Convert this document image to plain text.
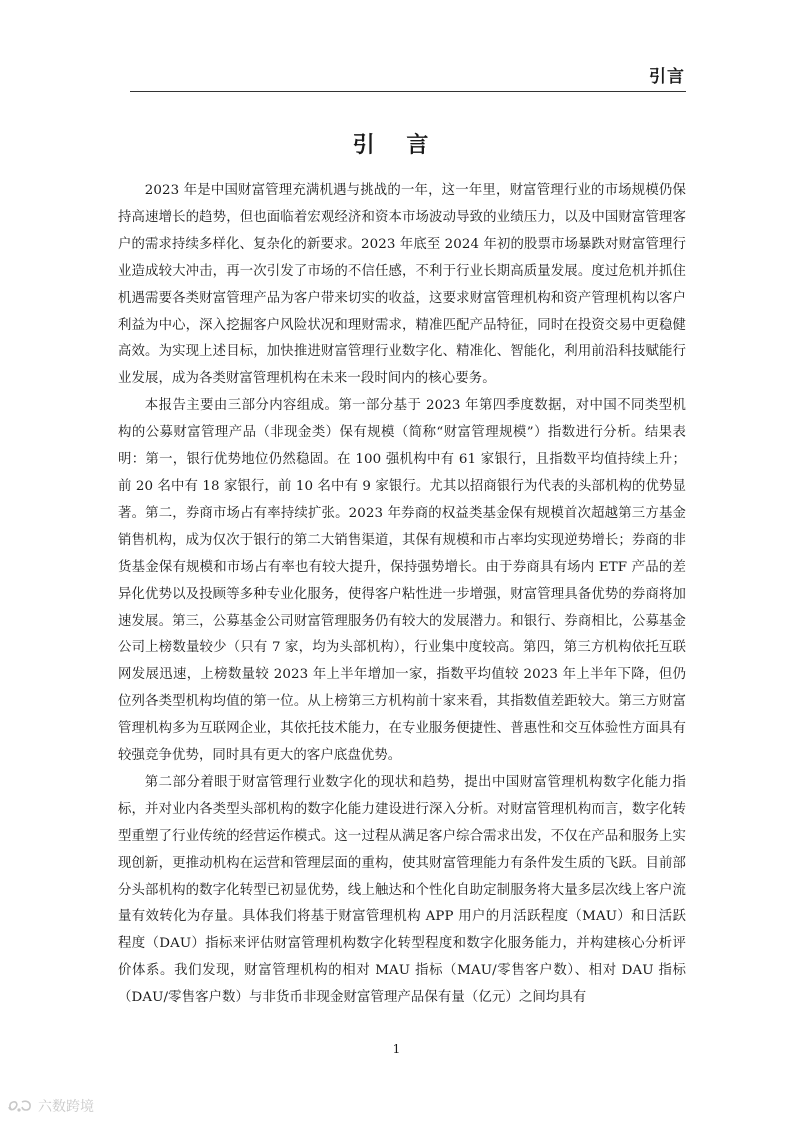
引言
引 言

2023 年是中国财富管理充满机遇与挑战的一年，这一年里，财富管理行业的市场规模仍保持高速增长的趋势，但也面临着宏观经济和资本市场波动导致的业绩压力，以及中国财富管理客户的需求持续多样化、复杂化的新要求。2023 年底至 2024 年初的股票市场暴跌对财富管理行业造成较大冲击，再一次引发了市场的不信任感，不利于行业长期高质量发展。度过危机并抓住机遇需要各类财富管理产品为客户带来切实的收益，这要求财富管理机构和资产管理机构以客户利益为中心，深入挖掘客户风险状况和理财需求，精准匹配产品特征，同时在投资交易中更稳健高效。为实现上述目标，加快推进财富管理行业数字化、精准化、智能化，利用前沿科技赋能行业发展，成为各类财富管理机构在未来一段时间内的核心要务。

本报告主要由三部分内容组成。第一部分基于 2023 年第四季度数据，对中国不同类型机构的公募财富管理产品（非现金类）保有规模（简称“财富管理规模”）指数进行分析。结果表明：第一，银行优势地位仍然稳固。在 100 强机构中有 61 家银行，且指数平均值持续上升；前 20 名中有 18 家银行，前 10 名中有 9 家银行。尤其以招商银行为代表的头部机构的优势显著。第二，券商市场占有率持续扩张。2023 年券商的权益类基金保有规模首次超越第三方基金销售机构，成为仅次于银行的第二大销售渠道，其保有规模和市占率均实现逆势增长；券商的非货基金保有规模和市场占有率也有较大提升，保持强势增长。由于券商具有场内 ETF 产品的差异化优势以及投顾等多种专业化服务，使得客户粘性进一步增强，财富管理具备优势的券商将加速发展。第三，公募基金公司财富管理服务仍有较大的发展潜力。和银行、券商相比，公募基金公司上榜数量较少（只有 7 家，均为头部机构），行业集中度较高。第四，第三方机构依托互联网发展迅速，上榜数量较 2023 年上半年增加一家，指数平均值较 2023 年上半年下降，但仍位列各类型机构均值的第一位。从上榜第三方机构前十家来看，其指数值差距较大。第三方财富管理机构多为互联网企业，其依托技术能力，在专业服务便捷性、普惠性和交互体验性方面具有较强竞争优势，同时具有更大的客户底盘优势。

第二部分着眼于财富管理行业数字化的现状和趋势，提出中国财富管理机构数字化能力指标，并对业内各类型头部机构的数字化能力建设进行深入分析。对财富管理机构而言，数字化转型重塑了行业传统的经营运作模式。这一过程从满足客户综合需求出发，不仅在产品和服务上实现创新，更推动机构在运营和管理层面的重构，使其财富管理能力有条件发生质的飞跃。目前部分头部机构的数字化转型已初显优势，线上触达和个性化自助定制服务将大量多层次线上客户流量有效转化为存量。具体我们将基于财富管理机构 APP 用户的月活跃程度（MAU）和日活跃程度（DAU）指标来评估财富管理机构数字化转型程度和数字化服务能力，并构建核心分析评价体系。我们发现，财富管理机构的相对 MAU 指标（MAU/零售客户数）、相对 DAU 指标（DAU/零售客户数）与非货币非现金财富管理产品保有量（亿元）之间均具有

1
六数跨境
